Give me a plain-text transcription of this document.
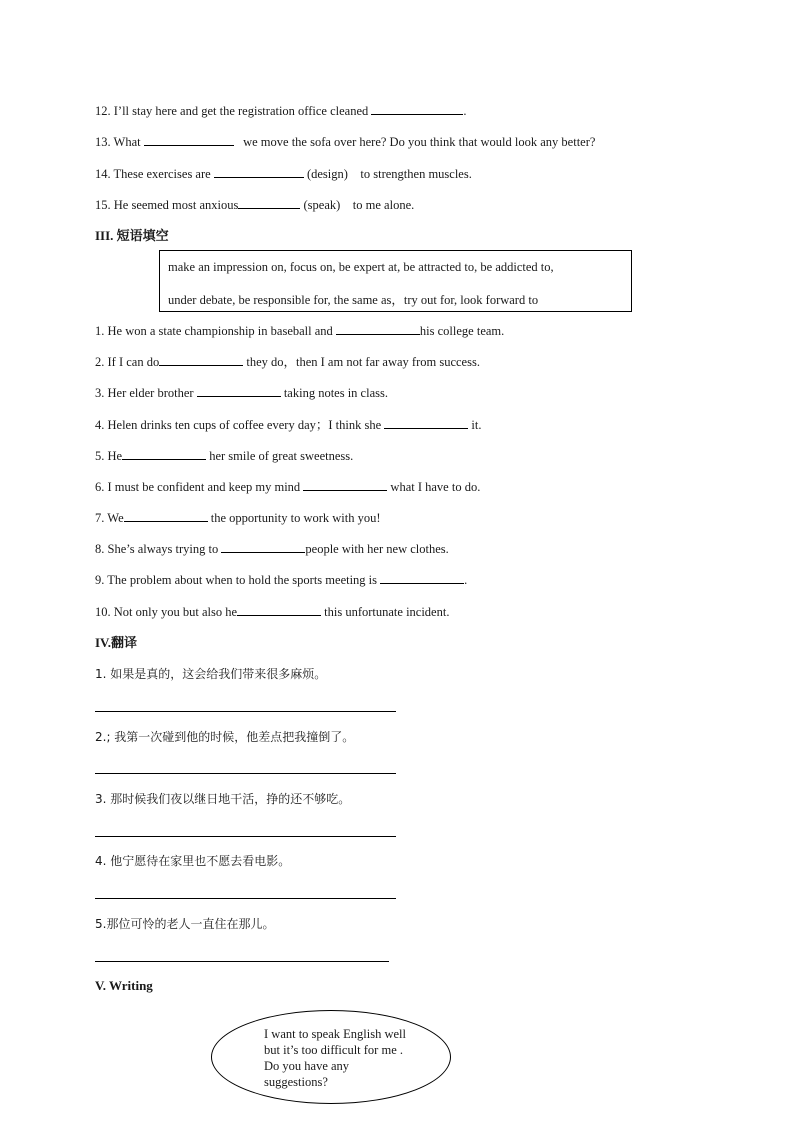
12. I’ll stay here and get the registration office cleaned	.
13. What	we move the sofa over here? Do you think that would look any better?
14. These exercises are	(design)    to strengthen muscles.
15. He seemed most anxious	(speak)    to me alone.
III. 短语填空
make an impression on, focus on, be expert at, be attracted to, be addicted to,
under debate, be responsible for, the same as，try out for, look forward to
1. He won a state championship in baseball and	his college team.
2. If I can do	they do，then I am not far away from success.
3. Her elder brother	taking notes in class.
4. Helen drinks ten cups of coffee every day；I think she	it.
5. He	her smile of great sweetness.
6. I must be confident and keep my mind	what I have to do.
7. We	the opportunity to work with you!
8. She’s always trying to	people with her new clothes.
9. The problem about when to hold the sports meeting is	.
10. Not only you but also he	this unfortunate incident.
IV.翻译
1. 如果是真的，这会给我们带来很多麻烦。
2.; 我第一次碰到他的时候，他差点把我撞倒了。
3. 那时候我们夜以继日地干活，挣的还不够吃。
4. 他宁愿待在家里也不愿去看电影。
5.那位可怜的老人一直住在那儿。
V. Writing
I want to speak English well but it’s too difficult for me . Do you have any suggestions?
